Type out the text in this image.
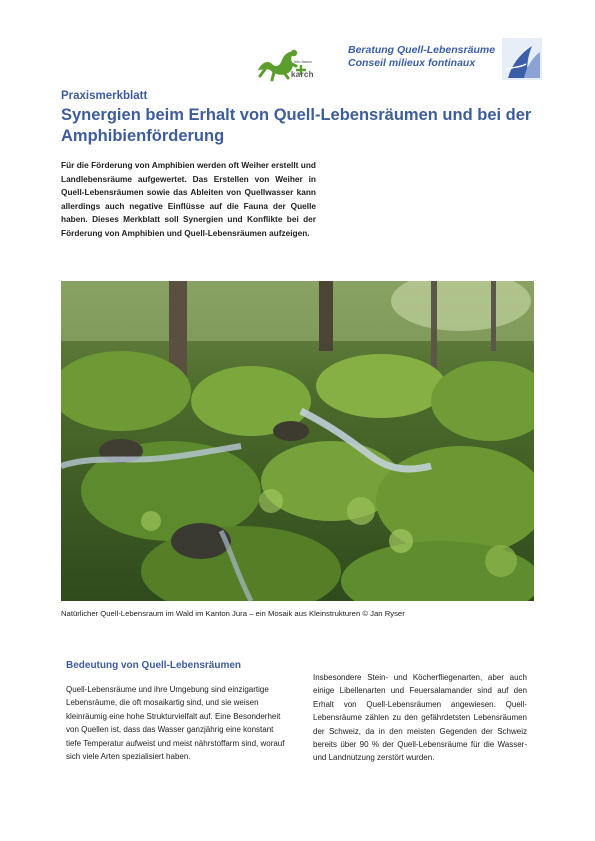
info fauna
karch
Beratung Quell-Lebensräume
Conseil milieux fontinaux
Praxismerkblatt
Synergien beim Erhalt von Quell-Lebensräumen und bei der Amphibienförderung

Für die Förderung von Amphibien werden oft Weiher erstellt und Landlebensräume aufgewertet. Das Erstellen von Weiher in Quell-Lebensräumen sowie das Ableiten von Quellwasser kann allerdings auch negative Einflüsse auf die Fauna der Quelle haben. Dieses Merkblatt soll Synergien und Konflikte bei der Förderung von Amphibien und Quell-Lebensräumen aufzeigen.

Natürlicher Quell-Lebensraum im Wald im Kanton Jura – ein Mosaik aus Kleinstrukturen © Jan Ryser
Bedeutung von Quell-Lebensräumen

Quell-Lebensräume und ihre Umgebung sind einzigartige Lebensräume, die oft mosaikartig sind, und sie weisen kleinräumig eine hohe Strukturvielfalt auf. Eine Besonderheit von Quellen ist, dass das Wasser ganzjährig eine konstant tiefe Temperatur aufweist und meist nährstoffarm sind, worauf sich viele Arten spezialisiert haben.

Insbesondere Stein- und Köcherfliegenarten, aber auch einige Libellenarten und Feuersalamander sind auf den Erhalt von Quell-Lebensräumen angewiesen. Quell-Lebensräume zählen zu den gefährdetsten Lebensräumen der Schweiz, da in den meisten Gegenden der Schweiz bereits über 90 % der Quell-Lebensräume für die Wasser- und Landnutzung zerstört wurden.
